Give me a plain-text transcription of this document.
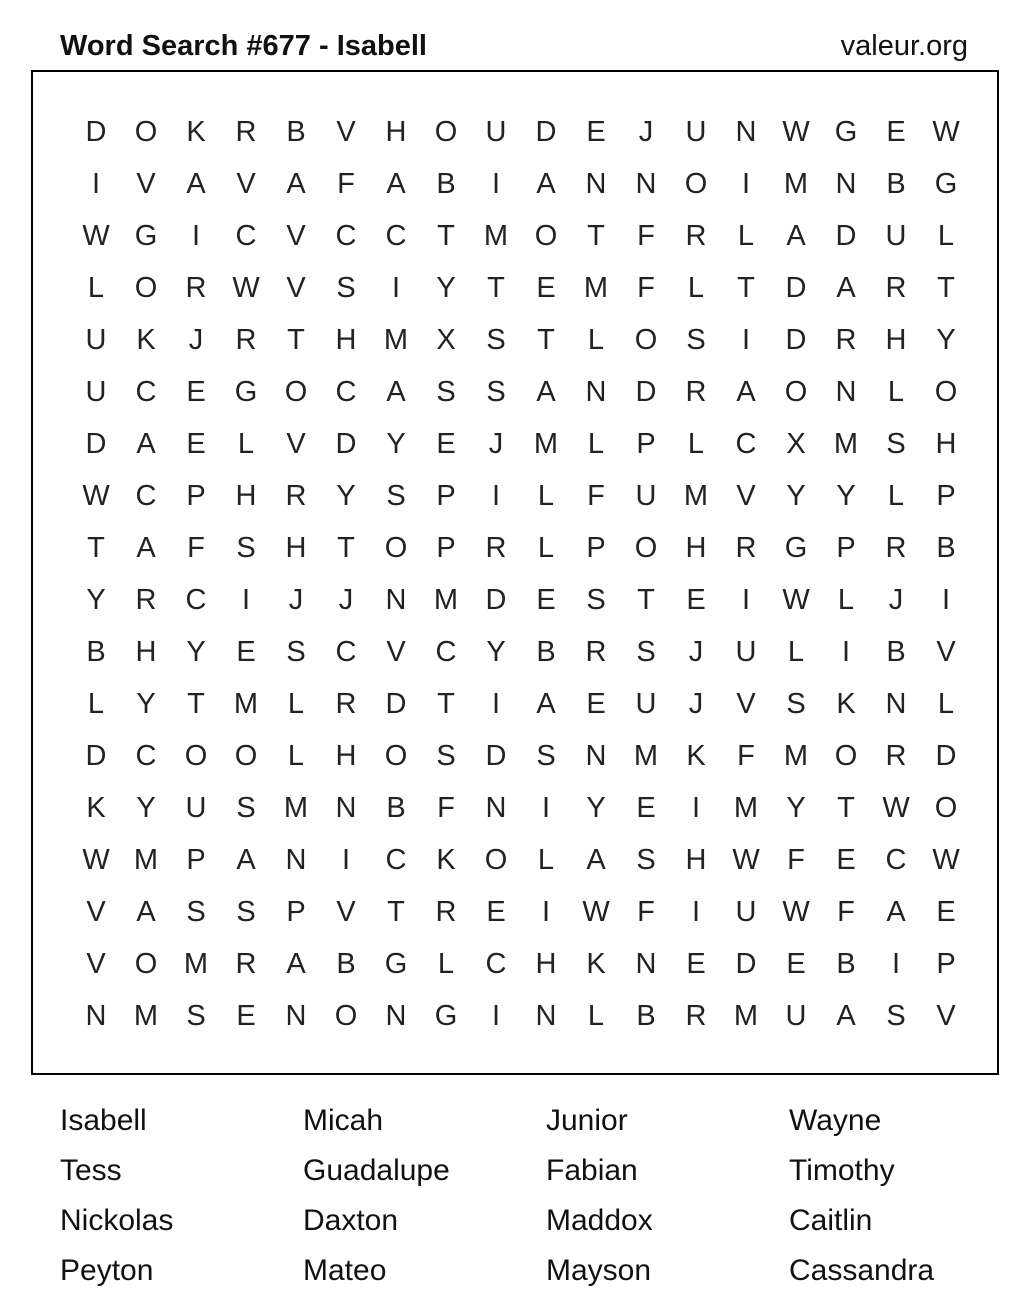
Word Search #677 - Isabell	valeur.org
D O	K	R	B	V	H O U	D	E	J	U	N W G	E W
I	V	A	V	A	F	A	B	I	A	N	N O	I	M N	B	G
W G	I	C	V	C	C	T	M O	T	F	R	L	A	D	U	L
L	O R W V	S	I	Y	T	E M	F	L	T	D	A	R	T
U	K	J	R	T	H M X	S	T	L	O	S	I	D	R	H	Y
U	C	E	G O C	A	S	S	A	N	D	R	A	O N	L	O
D	A	E	L	V	D	Y	E	J	M	L	P	L	C	X M S	H
W C	P	H	R	Y	S	P	I	L	F	U M V	Y	Y	L	P
T	A	F	S	H	T	O	P	R	L	P	O H	R G	P	R	B
Y	R	C	I	J	J	N M D	E	S	T	E	I	W L	J	I
B	H	Y	E	S	C	V	C	Y	B	R	S	J	U	L	I	B	V
L	Y	T	M	L	R	D	T	I	A	E	U	J	V	S	K	N	L
D	C O O	L	H O	S	D	S	N M K	F	M O R	D
K	Y	U	S M N	B	F	N	I	Y	E	I	M Y	T W O
W M P	A	N	I	C	K	O	L	A	S	H W F	E	C W
V	A	S	S	P	V	T	R	E	I	W F	I	U W F	A	E
V	O M R	A	B	G	L	C	H	K	N	E	D	E	B	I	P
N M S	E	N O N G	I	N	L	B	R M U	A	S	V
Isabell	Micah	Junior	Wayne
Tess	Guadalupe	Fabian	Timothy
Nickolas	Daxton	Maddox	Caitlin
Peyton	Mateo	Mayson	Cassandra
